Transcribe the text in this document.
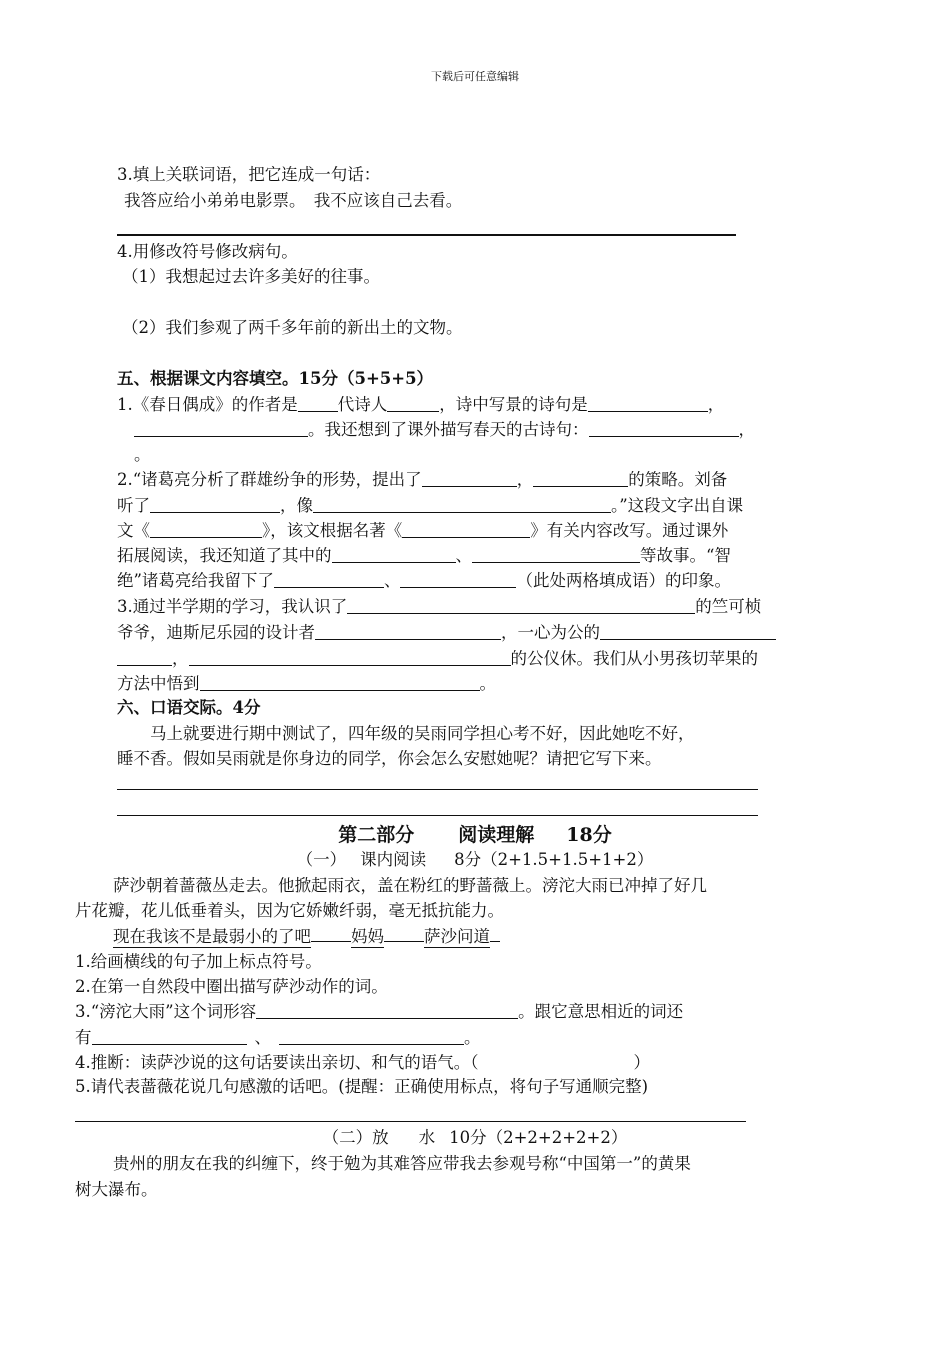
下载后可任意编辑
3.填上关联词语，把它连成一句话：
我答应给小弟弟电影票。　我不应该自己去看。
4.用修改符号修改病句。
（1）我想起过去许多美好的往事。
（2）我们参观了两千多年前的新出土的文物。
五、根据课文内容填空。15分（5+5+5）
1.《春日偶成》的作者是 代诗人	，诗中写景的诗句是	，
。我还想到了课外描写春天的古诗句：	，
。
2.“诸葛亮分析了群雄纷争的形势，提出了	，	的策略。刘备
听了	，像	。”这段文字出自课
文《	》，该文根据名著《	》有关内容改写。通过课外
拓展阅读，我还知道了其中的	、	等故事。“智
绝”诸葛亮给我留下了	、	（此处两格填成语）的印象。
3.通过半学期的学习，我认识了	的竺可桢
爷爷，迪斯尼乐园的设计者	，一心为公的
，	的公仪休。我们从小男孩切苹果的
方法中悟到	。
六、口语交际。4分
马上就要进行期中测试了，四年级的吴雨同学担心考不好，因此她吃不好，
睡不香。假如吴雨就是你身边的同学，你会怎么安慰她呢？请把它写下来。
第二部分 阅读理解 18分
（一） 课内阅读 8分（2+1.5+1.5+1+2）
萨沙朝着蔷薇丛走去。他掀起雨衣，盖在粉红的野蔷薇上。滂沱大雨已冲掉了好几
片花瓣，花儿低垂着头，因为它娇嫩纤弱，毫无抵抗能力。
现在我该不是最弱小的了吧 妈妈 萨沙问道
1.给画横线的句子加上标点符号。
2.在第一自然段中圈出描写萨沙动作的词。
3.“滂沱大雨”这个词形容	。跟它意思相近的词还
有	、	。
4.推断：读萨沙说的这句话要读出亲切、和气的语气。（	）
5.请代表蔷薇花说几句感激的话吧。(提醒：正确使用标点，将句子写通顺完整)
（二）放 水 10分（2+2+2+2+2）
贵州的朋友在我的纠缠下，终于勉为其难答应带我去参观号称“中国第一”的黄果
树大瀑布。
